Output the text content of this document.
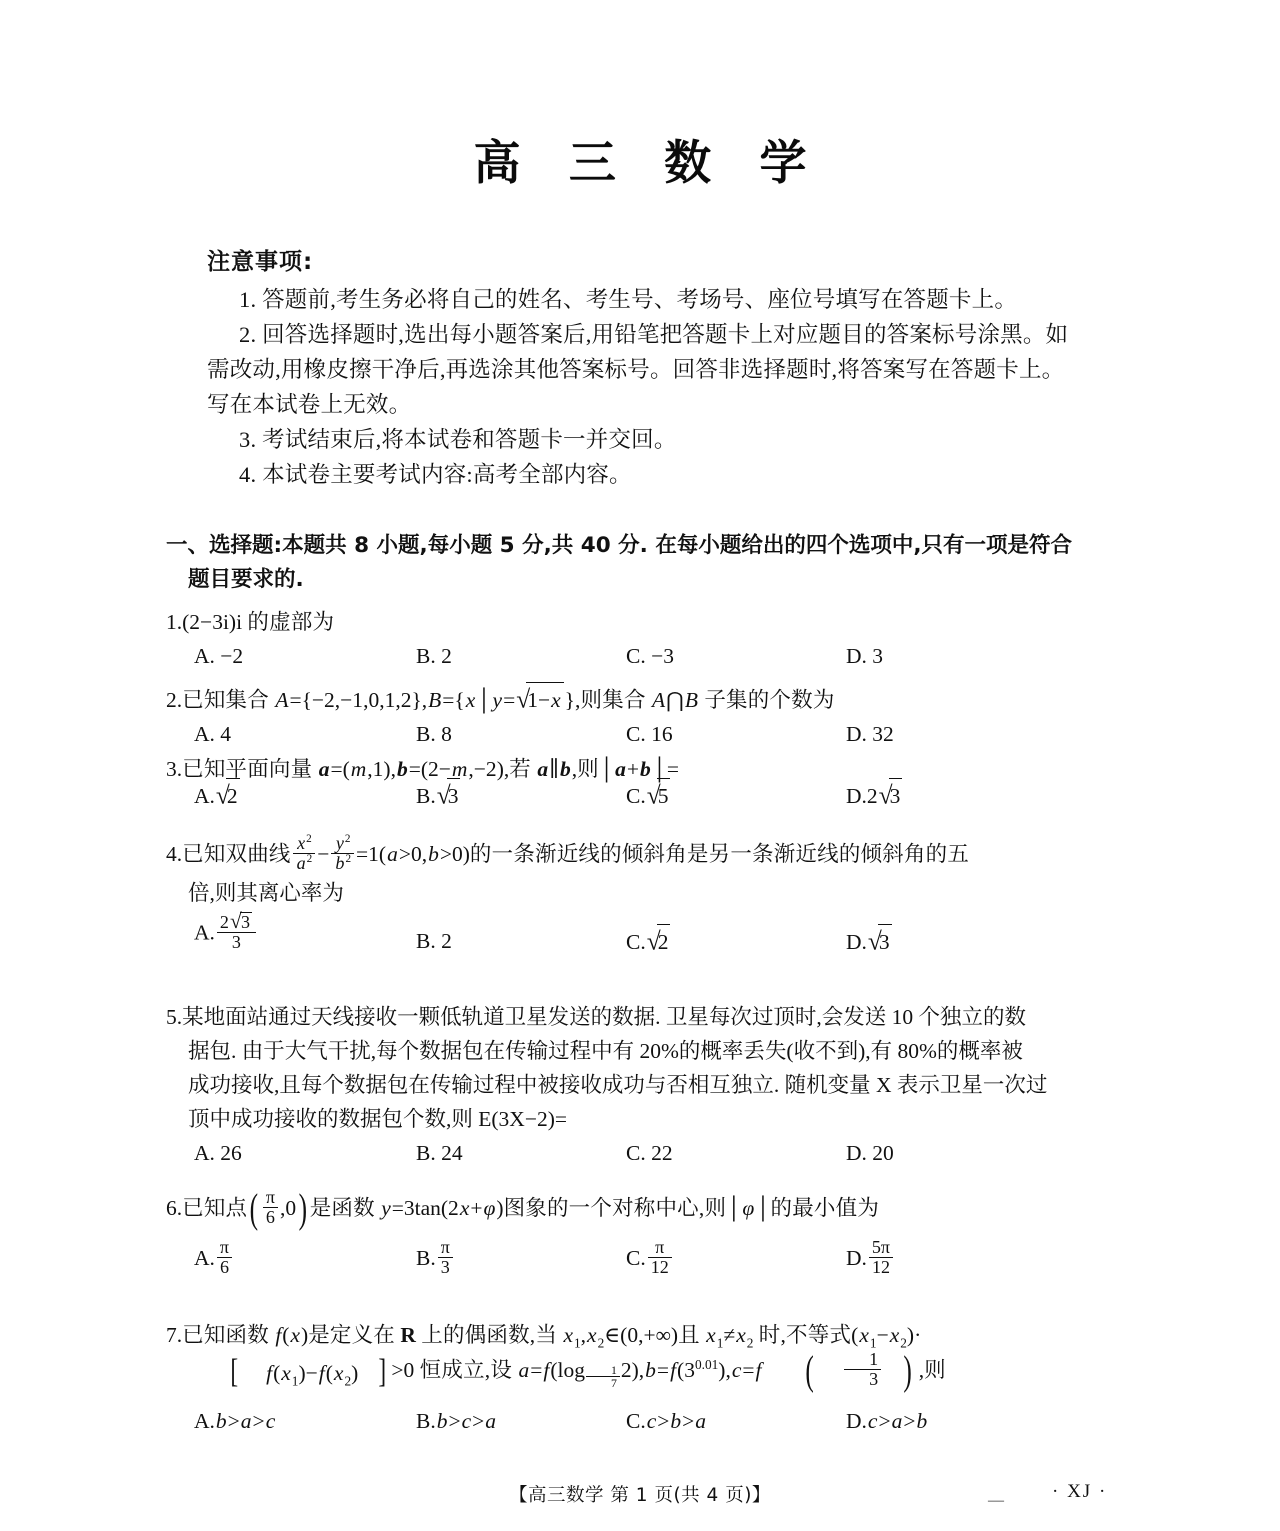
高 三 数 学
注意事项:
1. 答题前,考生务必将自己的姓名、考生号、考场号、座位号填写在答题卡上。
2. 回答选择题时,选出每小题答案后,用铅笔把答题卡上对应题目的答案标号涂黑。如需改动,用橡皮擦干净后,再选涂其他答案标号。回答非选择题时,将答案写在答题卡上。写在本试卷上无效。
3. 考试结束后,将本试卷和答题卡一并交回。
4. 本试卷主要考试内容:高考全部内容。
一、选择题:本题共 8 小题,每小题 5 分,共 40 分. 在每小题给出的四个选项中,只有一项是符合
题目要求的.
1.(2−3i)i 的虚部为
A. −2	B. 2	C. −3	D. 3
2.已知集合 A={−2,−1,0,1,2},B={x│y= √
1−x },则集合 A⋂B 子集的个数为
A. 4	B. 8	C. 16	D. 32
3.已知平面向量 a=(m,1),b=(2−m,−2),若 a∥b,则│a+b│=
A. √
2	B. √
3	C. √
5	D.2 √
3
4.已知双曲线 $\frac{x^2}{a^2} - \frac{y^2}{b^2} =1(a>0,b>0)$的一条渐近线的倾斜角是另一条渐近线的倾斜角的五
倍,则其离心率为
A. $\frac{2 √ 3}{3}$	B. 2	C. √
2	D. √
3
5.某地面站通过天线接收一颗低轨道卫星发送的数据. 卫星每次过顶时,会发送 10 个独立的数
据包. 由于大气干扰,每个数据包在传输过程中有 20%的概率丢失(收不到),有 80%的概率被
成功接收,且每个数据包在传输过程中被接收成功与否相互独立. 随机变量 X 表示卫星一次过
顶中成功接收的数据包个数,则 E(3X−2)=
A. 26	B. 24	C. 22	D. 20
6.已知点( $\frac{\pi}{6} ,0$) 是函数 y=3tan(2x+φ)图象的一个对称中心,则│φ│的最小值为
A. $\frac{\pi}{6}$	B. $\frac{\pi}{3}$	C. $\frac{\pi}{12}$	D. $\frac{5\pi}{12}$
7.已知函数 f(x)是定义在 R 上的偶函数,当 $x_1,x_2\in(0,+\infty)$且 $x_1\ne x_2$ 时,不等式$(x_1-x_2)\cdot$
[ $f(x_1)-f(x_2)$ ] >0 恒成立,设 $a=f(\log \frac{1}{7} 2),b=f(3^{0.01}),c=f$ ( $\frac{1}{3}$ ) ,则
A.b>a>c	B.b>c>a	C.c>b>a	D.c>a>b
【高三数学 第 1 页(共 4 页)】	—	· XJ ·
